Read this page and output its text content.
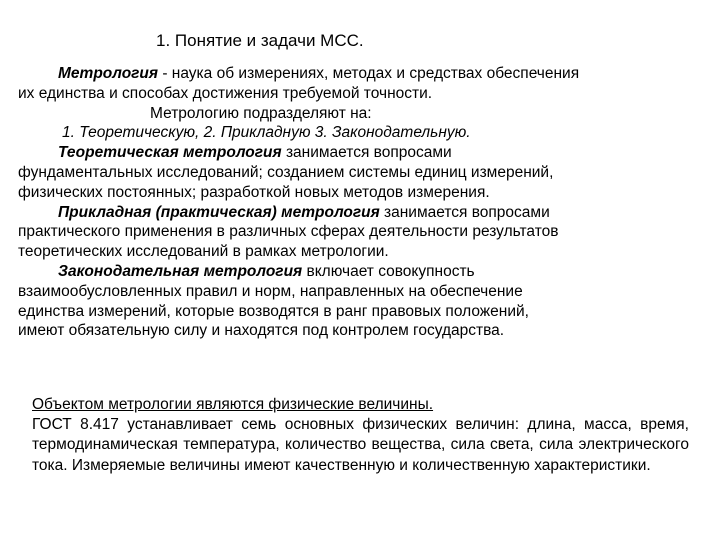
1. Понятие и задачи МСС.
Метрология - наука об измерениях, методах и средствах обеспечения
их единства и способах достижения требуемой точности.
Метрологию подразделяют на:
1. Теоретическую, 2. Прикладную 3. Законодательную.
Теоретическая метрология занимается вопросами
фундаментальных исследований; созданием системы единиц измерений,
физических постоянных; разработкой новых методов измерения.
Прикладная (практическая) метрология занимается вопросами
практического применения в различных сферах деятельности результатов
теоретических исследований в рамках метрологии.
Законодательная метрология включает совокупность
взаимообусловленных правил и норм, направленных на обеспечение
единства измерений, которые возводятся в ранг правовых положений,
имеют обязательную силу и находятся под контролем государства.
Объектом метрологии являются физические величины.
ГОСТ 8.417 устанавливает семь основных физических величин: длина, масса, время, термодинамическая температура, количество вещества, сила света, сила электрического тока. Измеряемые величины имеют качественную и количественную характеристики.
